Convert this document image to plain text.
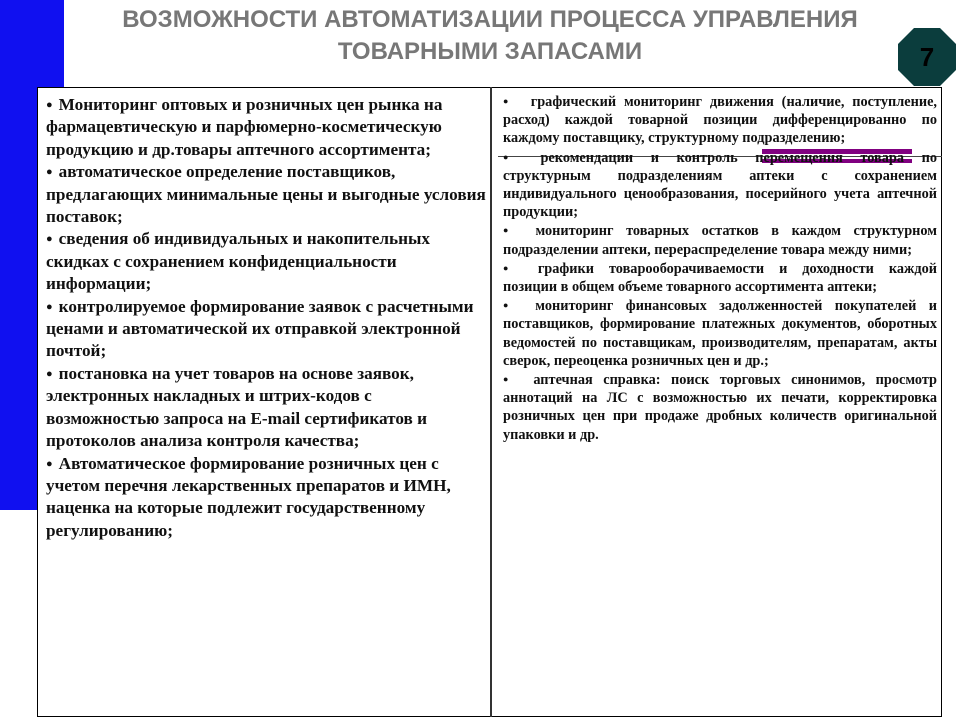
ВОЗМОЖНОСТИ АВТОМАТИЗАЦИИ ПРОЦЕССА УПРАВЛЕНИЯ
ТОВАРНЫМИ ЗАПАСАМИ	7

● Мониторинг оптовых и розничных цен рынка на фармацевтическую и парфюмерно-косметическую продукцию и др.товары аптечного ассортимента;

● автоматическое определение поставщиков, предлагающих минимальные цены и выгодные условия поставок;

● сведения об индивидуальных и накопительных скидках с сохранением конфиденциальности информации;

● контролируемое формирование заявок с расчетными ценами и автоматической их отправкой электронной почтой;

● постановка на учет товаров на основе заявок, электронных накладных и штрих-кодов с возможностью запроса на E-mail сертификатов и протоколов анализа контроля качества;

● Автоматическое формирование розничных цен с учетом перечня лекарственных препаратов и ИМН, наценка на которые подлежит государственному регулированию;

● графический мониторинг движения (наличие, поступление, расход) каждой товарной позиции дифференцированно по каждому поставщику, структурному подразделению;

● рекомендации и контроль перемещения товара по структурным подразделениям аптеки с сохранением индивидуального ценообразования, посерийного учета аптечной продукции;

● мониторинг товарных остатков в каждом структурном подразделении аптеки, перераспределение товара между ними;

● графики товарооборачиваемости и доходности каждой позиции в общем объеме товарного ассортимента аптеки;

● мониторинг финансовых задолженностей покупателей и поставщиков, формирование платежных документов, оборотных ведомостей по поставщикам, производителям, препаратам, акты сверок, переоценка розничных цен и др.;

● аптечная справка: поиск торговых синонимов, просмотр аннотаций на ЛС с возможностью их печати, корректировка розничных цен при продаже дробных количеств оригинальной упаковки и др.
